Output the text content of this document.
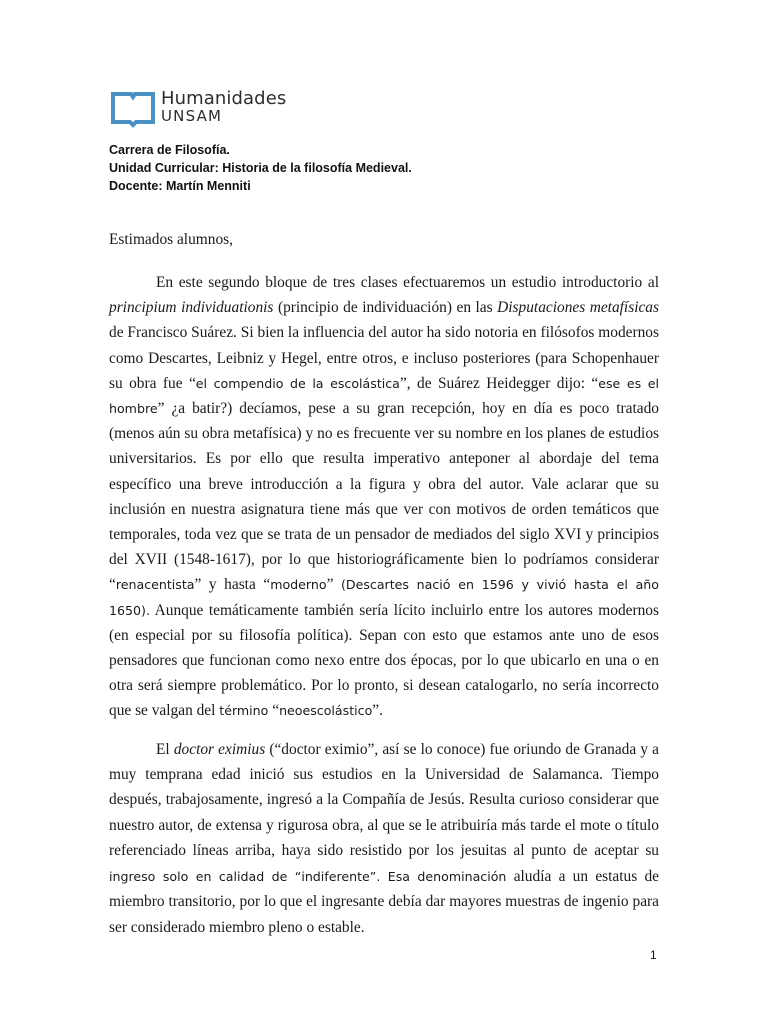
Humanidades
UNSAM
Carrera de Filosofía.
Unidad Curricular: Historia de la filosofía Medieval.
Docente: Martín Menniti

Estimados alumnos,

En este segundo bloque de tres clases efectuaremos un estudio introductorio al principium individuationis (principio de individuación) en las Disputaciones metafísicas de Francisco Suárez. Si bien la influencia del autor ha sido notoria en filósofos modernos como Descartes, Leibniz y Hegel, entre otros, e incluso posteriores (para Schopenhauer su obra fue “el compendio de la escolástica”, de Suárez Heidegger dijo: “ese es el hombre” ¿a batir?) decíamos, pese a su gran recepción, hoy en día es poco tratado (menos aún su obra metafísica) y no es frecuente ver su nombre en los planes de estudios universitarios. Es por ello que resulta imperativo anteponer al abordaje del tema específico una breve introducción a la figura y obra del autor. Vale aclarar que su inclusión en nuestra asignatura tiene más que ver con motivos de orden temáticos que temporales, toda vez que se trata de un pensador de mediados del siglo XVI y principios del XVII (1548-1617), por lo que historiográficamente bien lo podríamos considerar “renacentista” y hasta “moderno” (Descartes nació en 1596 y vivió hasta el año 1650). Aunque temáticamente también sería lícito incluirlo entre los autores modernos (en especial por su filosofía política). Sepan con esto que estamos ante uno de esos pensadores que funcionan como nexo entre dos épocas, por lo que ubicarlo en una o en otra será siempre problemático. Por lo pronto, si desean catalogarlo, no sería incorrecto que se valgan del término “neoescolástico”.

El doctor eximius (“doctor eximio”, así se lo conoce) fue oriundo de Granada y a muy temprana edad inició sus estudios en la Universidad de Salamanca. Tiempo después, trabajosamente, ingresó a la Compañía de Jesús. Resulta curioso considerar que nuestro autor, de extensa y rigurosa obra, al que se le atribuiría más tarde el mote o título referenciado líneas arriba, haya sido resistido por los jesuitas al punto de aceptar su ingreso solo en calidad de “indiferente”. Esa denominación aludía a un estatus de miembro transitorio, por lo que el ingresante debía dar mayores muestras de ingenio para ser considerado miembro pleno o estable.

1
